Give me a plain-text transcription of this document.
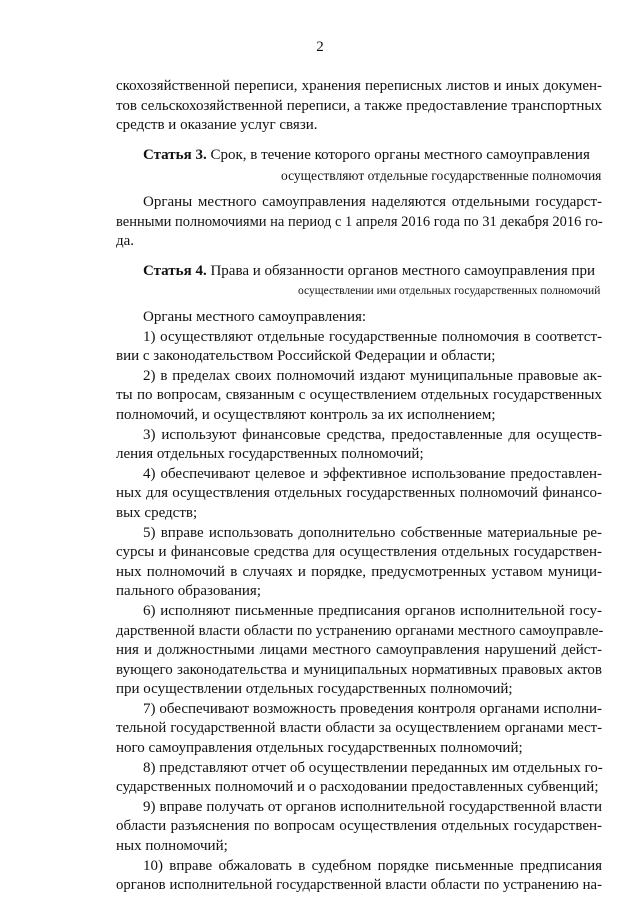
2
скохозяйственной переписи, хранения переписных листов и иных докумен-
тов сельскохозяйственной переписи, а также предоставление транспортных
средств и оказание услуг связи.
Статья 3. Срок, в течение которого органы местного самоуправления
осуществляют отдельные государственные полномочия
Органы местного самоуправления наделяются отдельными государст-
венными полномочиями на период с 1 апреля 2016 года по 31 декабря 2016 го-
да.
Статья 4. Права и обязанности органов местного самоуправления при
осуществлении ими отдельных государственных полномочий
Органы местного самоуправления:
1) осуществляют отдельные государственные полномочия в соответст-
вии с законодательством Российской Федерации и области;
2) в пределах своих полномочий издают муниципальные правовые ак-
ты по вопросам, связанным с осуществлением отдельных государственных
полномочий, и осуществляют контроль за их исполнением;
3) используют финансовые средства, предоставленные для осуществ-
ления отдельных государственных полномочий;
4) обеспечивают целевое и эффективное использование предоставлен-
ных для осуществления отдельных государственных полномочий финансо-
вых средств;
5) вправе использовать дополнительно собственные материальные ре-
сурсы и финансовые средства для осуществления отдельных государствен-
ных полномочий в случаях и порядке, предусмотренных уставом муници-
пального образования;
6) исполняют письменные предписания органов исполнительной госу-
дарственной власти области по устранению органами местного самоуправле-
ния и должностными лицами местного самоуправления нарушений дейст-
вующего законодательства и муниципальных нормативных правовых актов
при осуществлении отдельных государственных полномочий;
7) обеспечивают возможность проведения контроля органами исполни-
тельной государственной власти области за осуществлением органами мест-
ного самоуправления отдельных государственных полномочий;
8) представляют отчет об осуществлении переданных им отдельных го-
сударственных полномочий и о расходовании предоставленных субвенций;
9) вправе получать от органов исполнительной государственной власти
области разъяснения по вопросам осуществления отдельных государствен-
ных полномочий;
10) вправе обжаловать в судебном порядке письменные предписания
органов исполнительной государственной власти области по устранению на-
